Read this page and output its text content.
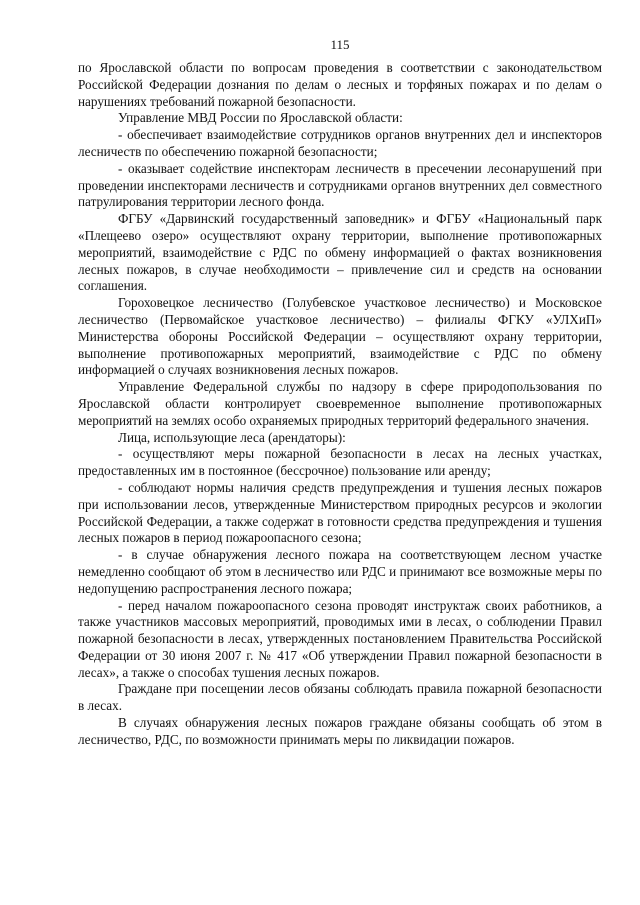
115

по Ярославской области по вопросам проведения в соответствии с законодательством Российской Федерации дознания по делам о лесных и торфяных пожарах и по делам о нарушениях требований пожарной безопасности.

Управление МВД России по Ярославской области:

- обеспечивает взаимодействие сотрудников органов внутренних дел и инспекторов лесничеств по обеспечению пожарной безопасности;

- оказывает содействие инспекторам лесничеств в пресечении лесонарушений при проведении инспекторами лесничеств и сотрудниками органов внутренних дел совместного патрулирования территории лесного фонда.

ФГБУ «Дарвинский государственный заповедник» и ФГБУ «Национальный парк «Плещеево озеро» осуществляют охрану территории, выполнение противопожарных мероприятий, взаимодействие с РДС по обмену информацией о фактах возникновения лесных пожаров, в случае необходимости – привлечение сил и средств на основании соглашения.

Гороховецкое лесничество (Голубевское участковое лесничество) и Московское лесничество (Первомайское участковое лесничество) – филиалы ФГКУ «УЛХиП» Министерства обороны Российской Федерации – осуществляют охрану территории, выполнение противопожарных мероприятий, взаимодействие с РДС по обмену информацией о случаях возникновения лесных пожаров.

Управление Федеральной службы по надзору в сфере природопользования по Ярославской области контролирует своевременное выполнение противопожарных мероприятий на землях особо охраняемых природных территорий федерального значения.

Лица, использующие леса (арендаторы):

- осуществляют меры пожарной безопасности в лесах на лесных участках, предоставленных им в постоянное (бессрочное) пользование или аренду;

- соблюдают нормы наличия средств предупреждения и тушения лесных пожаров при использовании лесов, утвержденные Министерством природных ресурсов и экологии Российской Федерации, а также содержат в готовности средства предупреждения и тушения лесных пожаров в период пожароопасного сезона;

- в случае обнаружения лесного пожара на соответствующем лесном участке немедленно сообщают об этом в лесничество или РДС и принимают все возможные меры по недопущению распространения лесного пожара;

- перед началом пожароопасного сезона проводят инструктаж своих работников, а также участников массовых мероприятий, проводимых ими в лесах, о соблюдении Правил пожарной безопасности в лесах, утвержденных постановлением Правительства Российской Федерации от 30 июня 2007 г. № 417 «Об утверждении Правил пожарной безопасности в лесах», а также о способах тушения лесных пожаров.

Граждане при посещении лесов обязаны соблюдать правила пожарной безопасности в лесах.

В случаях обнаружения лесных пожаров граждане обязаны сообщать об этом в лесничество, РДС, по возможности принимать меры по ликвидации пожаров.
